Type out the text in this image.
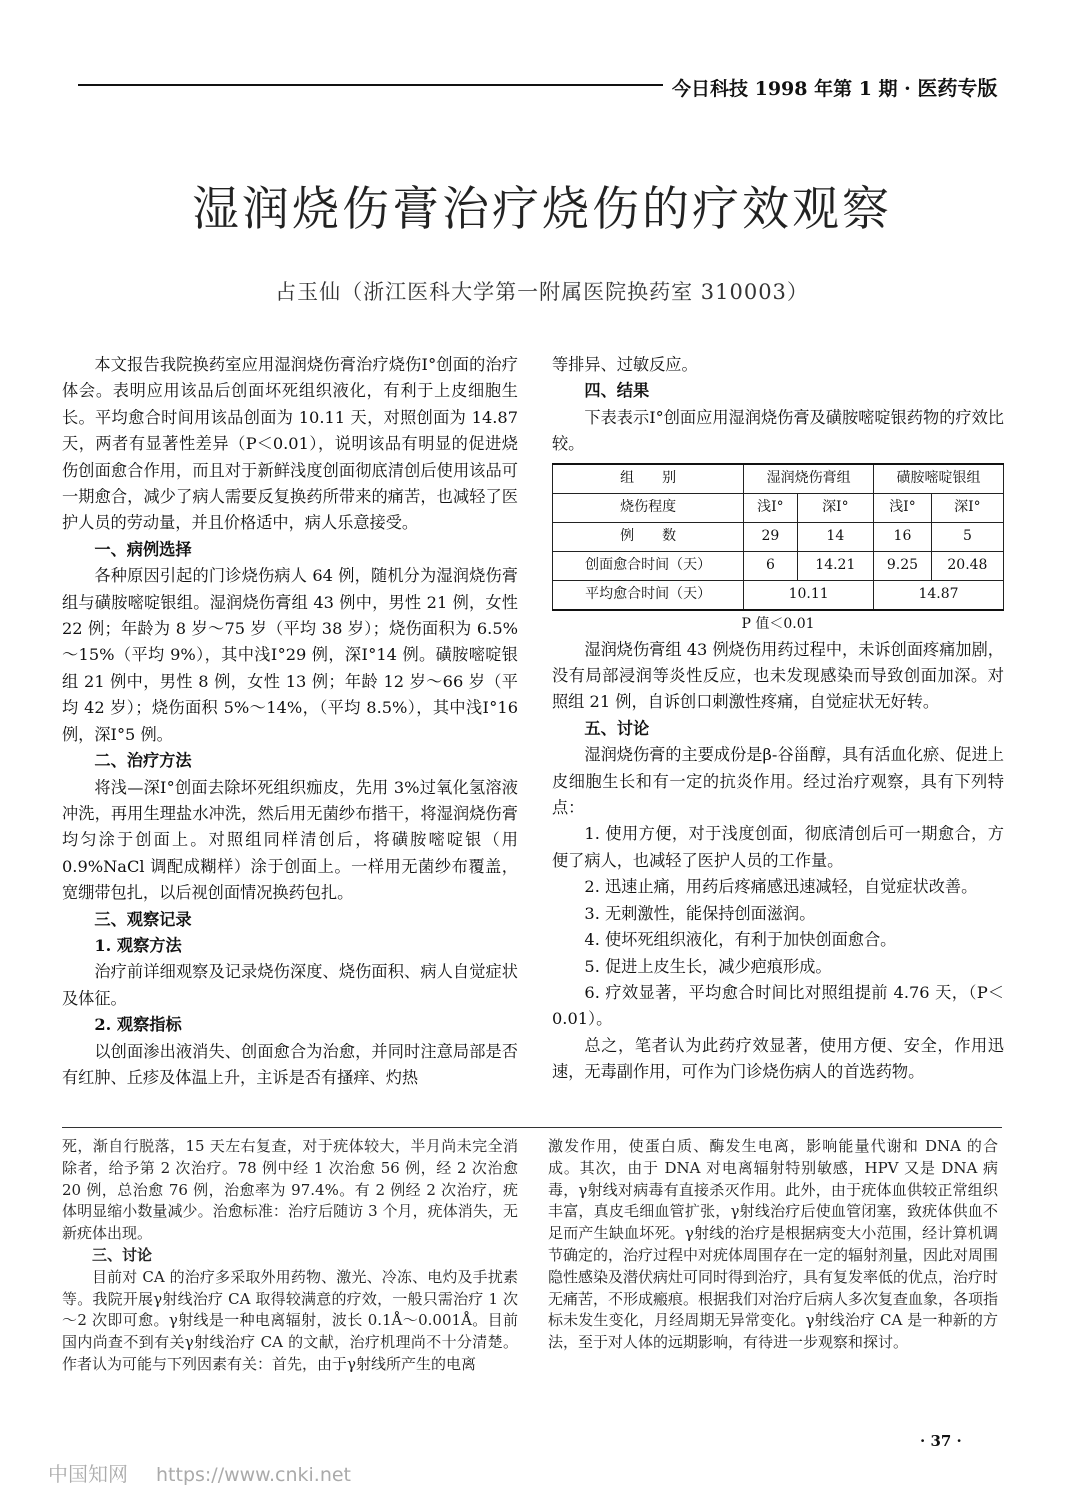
今日科技 1998 年第 1 期 · 医药专版
湿润烧伤膏治疗烧伤的疗效观察
占玉仙（浙江医科大学第一附属医院换药室 310003）

本文报告我院换药室应用湿润烧伤膏治疗烧伤Ⅰ°创面的治疗体会。表明应用该品后创面坏死组织液化，有利于上皮细胞生长。平均愈合时间用该品创面为 10.11 天，对照创面为 14.87 天，两者有显著性差异（P＜0.01），说明该品有明显的促进烧伤创面愈合作用，而且对于新鲜浅度创面彻底清创后使用该品可一期愈合，减少了病人需要反复换药所带来的痛苦，也减轻了医护人员的劳动量，并且价格适中，病人乐意接受。

一、病例选择

各种原因引起的门诊烧伤病人 64 例，随机分为湿润烧伤膏组与磺胺嘧啶银组。湿润烧伤膏组 43 例中，男性 21 例，女性 22 例；年龄为 8 岁～75 岁（平均 38 岁）；烧伤面积为 6.5%～15%（平均 9%），其中浅Ⅰ°29 例，深Ⅰ°14 例。磺胺嘧啶银组 21 例中，男性 8 例，女性 13 例；年龄 12 岁～66 岁（平均 42 岁）；烧伤面积 5%～14%，（平均 8.5%），其中浅Ⅰ°16 例，深Ⅰ°5 例。

二、治疗方法

将浅—深Ⅰ°创面去除坏死组织痂皮，先用 3%过氧化氢溶液冲洗，再用生理盐水冲洗，然后用无菌纱布揩干，将湿润烧伤膏均匀涂于创面上。对照组同样清创后，将磺胺嘧啶银（用 0.9%NaCl 调配成糊样）涂于创面上。一样用无菌纱布覆盖，宽绷带包扎，以后视创面情况换药包扎。

三、观察记录

1. 观察方法

治疗前详细观察及记录烧伤深度、烧伤面积、病人自觉症状及体征。

2. 观察指标

以创面渗出液消失、创面愈合为治愈，并同时注意局部是否有红肿、丘疹及体温上升，主诉是否有搔痒、灼热

等排异、过敏反应。

四、结果

下表表示Ⅰ°创面应用湿润烧伤膏及磺胺嘧啶银药物的疗效比较。

组　　别	湿润烧伤膏组		磺胺嘧啶银组	
烧伤程度	浅Ⅰ°	深Ⅰ°	浅Ⅰ°	深Ⅰ°
例　　数	29	14	16	5
创面愈合时间（天）	6	14.21	9.25	20.48
平均愈合时间（天）	10.11		14.87	
P 值＜0.01

湿润烧伤膏组 43 例烧伤用药过程中，未诉创面疼痛加剧，没有局部浸润等炎性反应，也未发现感染而导致创面加深。对照组 21 例，自诉创口刺激性疼痛，自觉症状无好转。

五、讨论

湿润烧伤膏的主要成份是β-谷甾醇，具有活血化瘀、促进上皮细胞生长和有一定的抗炎作用。经过治疗观察，具有下列特点：

1. 使用方便，对于浅度创面，彻底清创后可一期愈合，方便了病人，也减轻了医护人员的工作量。

2. 迅速止痛，用药后疼痛感迅速减轻，自觉症状改善。

3. 无刺激性，能保持创面滋润。

4. 使坏死组织液化，有利于加快创面愈合。

5. 促进上皮生长，减少疤痕形成。

6. 疗效显著，平均愈合时间比对照组提前 4.76 天，（P＜0.01）。

总之，笔者认为此药疗效显著，使用方便、安全，作用迅速，无毒副作用，可作为门诊烧伤病人的首选药物。

死，渐自行脱落，15 天左右复查，对于疣体较大，半月尚未完全消除者，给予第 2 次治疗。78 例中经 1 次治愈 56 例，经 2 次治愈 20 例，总治愈 76 例，治愈率为 97.4%。有 2 例经 2 次治疗，疣体明显缩小数量减少。治愈标准：治疗后随访 3 个月，疣体消失，无新疣体出现。

三、讨论

目前对 CA 的治疗多采取外用药物、激光、冷冻、电灼及手扰素等。我院开展γ射线治疗 CA 取得较满意的疗效，一般只需治疗 1 次～2 次即可愈。γ射线是一种电离辐射，波长 0.1Å～0.001Å。目前国内尚查不到有关γ射线治疗 CA 的文献，治疗机理尚不十分清楚。作者认为可能与下列因素有关：首先，由于γ射线所产生的电离

激发作用，使蛋白质、酶发生电离，影响能量代谢和 DNA 的合成。其次，由于 DNA 对电离辐射特别敏感，HPV 又是 DNA 病毒，γ射线对病毒有直接杀灭作用。此外，由于疣体血供较正常组织丰富，真皮毛细血管扩张，γ射线治疗后使血管闭塞，致疣体供血不足而产生缺血坏死。γ射线的治疗是根据病变大小范围，经计算机调节确定的，治疗过程中对疣体周围存在一定的辐射剂量，因此对周围隐性感染及潜伏病灶可同时得到治疗，具有复发率低的优点，治疗时无痛苦，不形成瘢痕。根据我们对治疗后病人多次复查血象，各项指标未发生变化，月经周期无异常变化。γ射线治疗 CA 是一种新的方法，至于对人体的远期影响，有待进一步观察和探讨。

· 37 ·
中国知网 https://www.cnki.net
